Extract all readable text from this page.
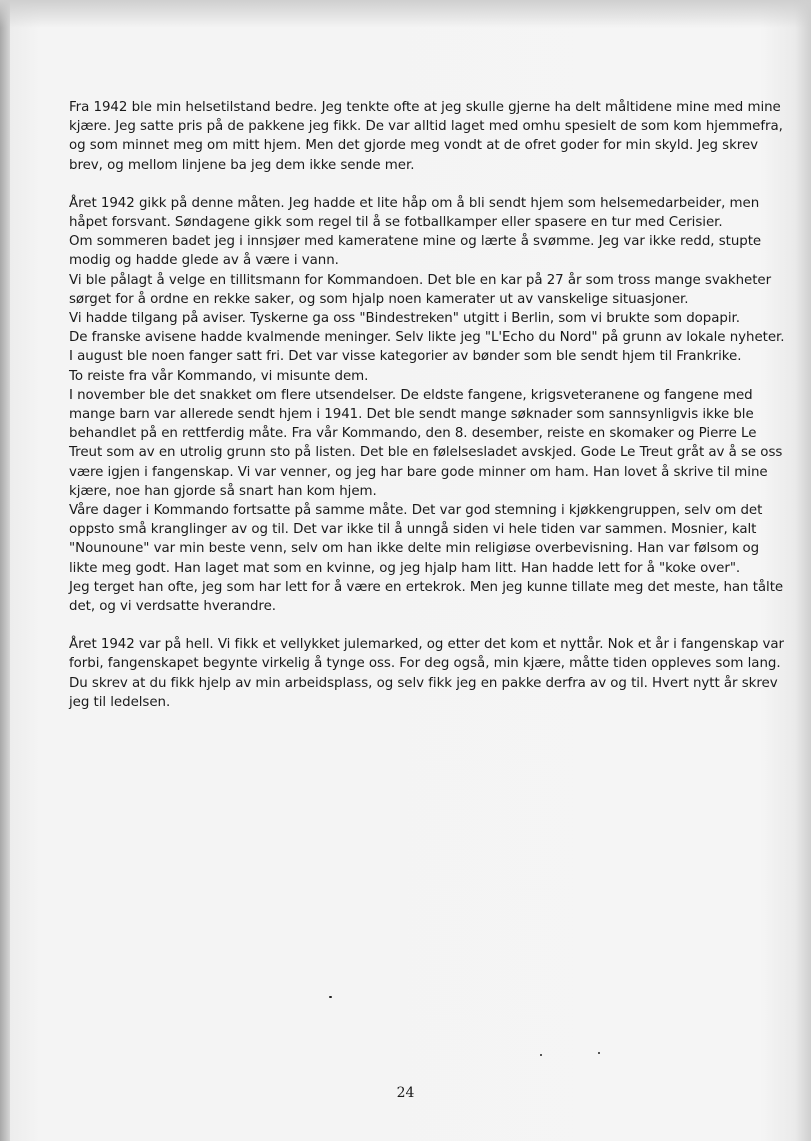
Fra 1942 ble min helsetilstand bedre. Jeg tenkte ofte at jeg skulle gjerne ha delt måltidene mine med mine
kjære. Jeg satte pris på de pakkene jeg fikk. De var alltid laget med omhu spesielt de som kom hjemmefra,
og som minnet meg om mitt hjem. Men det gjorde meg vondt at de ofret goder for min skyld. Jeg skrev
brev, og mellom linjene ba jeg dem ikke sende mer.
Året 1942 gikk på denne måten. Jeg hadde et lite håp om å bli sendt hjem som helsemedarbeider, men
håpet forsvant. Søndagene gikk som regel til å se fotballkamper eller spasere en tur med Cerisier.
Om sommeren badet jeg i innsjøer med kameratene mine og lærte å svømme. Jeg var ikke redd, stupte
modig og hadde glede av å være i vann.
Vi ble pålagt å velge en tillitsmann for Kommandoen. Det ble en kar på 27 år som tross mange svakheter
sørget for å ordne en rekke saker, og som hjalp noen kamerater ut av vanskelige situasjoner.
Vi hadde tilgang på aviser. Tyskerne ga oss "Bindestreken" utgitt i Berlin, som vi brukte som dopapir.
De franske avisene hadde kvalmende meninger. Selv likte jeg "L'Echo du Nord" på grunn av lokale nyheter.
I august ble noen fanger satt fri. Det var visse kategorier av bønder som ble sendt hjem til Frankrike.
To reiste fra vår Kommando, vi misunte dem.
I november ble det snakket om flere utsendelser. De eldste fangene, krigsveteranene og fangene med
mange barn var allerede sendt hjem i 1941. Det ble sendt mange søknader som sannsynligvis ikke ble
behandlet på en rettferdig måte. Fra vår Kommando, den 8. desember, reiste en skomaker og Pierre Le
Treut som av en utrolig grunn sto på listen. Det ble en følelsesladet avskjed. Gode Le Treut gråt av å se oss
være igjen i fangenskap. Vi var venner, og jeg har bare gode minner om ham. Han lovet å skrive til mine
kjære, noe han gjorde så snart han kom hjem.
Våre dager i Kommando fortsatte på samme måte. Det var god stemning i kjøkkengruppen, selv om det
oppsto små kranglinger av og til. Det var ikke til å unngå siden vi hele tiden var sammen. Mosnier, kalt
"Nounoune" var min beste venn, selv om han ikke delte min religiøse overbevisning. Han var følsom og
likte meg godt. Han laget mat som en kvinne, og jeg hjalp ham litt. Han hadde lett for å "koke over".
Jeg terget han ofte, jeg som har lett for å være en ertekrok. Men jeg kunne tillate meg det meste, han tålte
det, og vi verdsatte hverandre.
Året 1942 var på hell. Vi fikk et vellykket julemarked, og etter det kom et nyttår. Nok et år i fangenskap var
forbi, fangenskapet begynte virkelig å tynge oss. For deg også, min kjære, måtte tiden oppleves som lang.
Du skrev at du fikk hjelp av min arbeidsplass, og selv fikk jeg en pakke derfra av og til. Hvert nytt år skrev
jeg til ledelsen.
24
